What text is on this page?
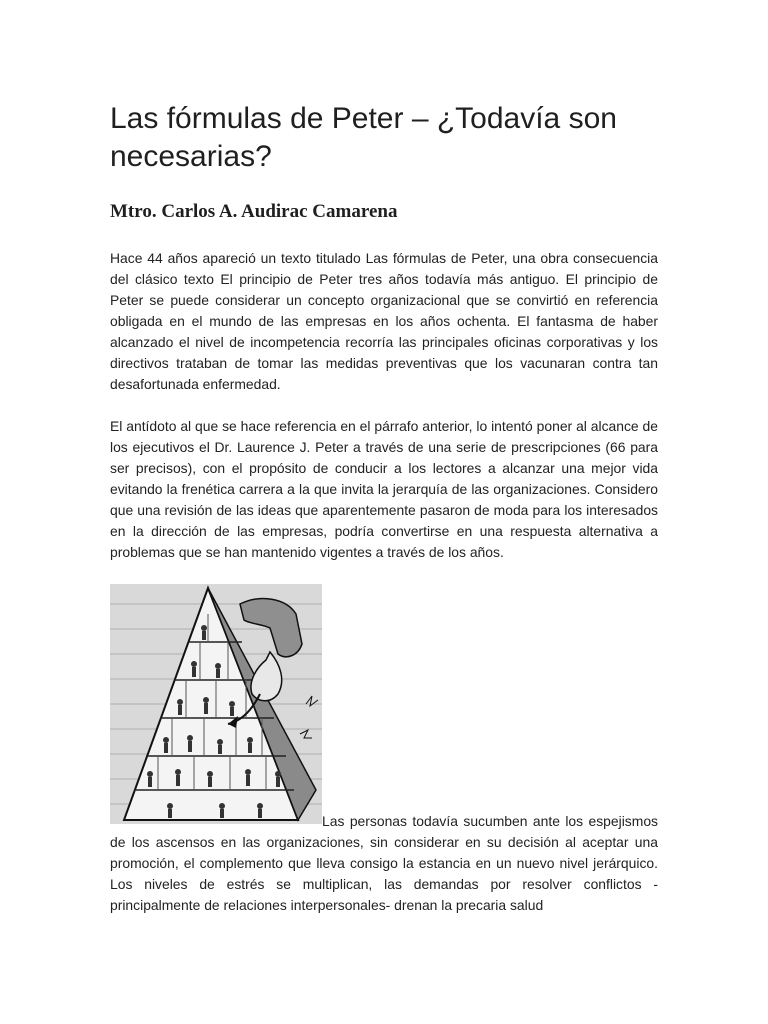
Las fórmulas de Peter – ¿Todavía son necesarias?
Mtro. Carlos A. Audirac Camarena

Hace 44 años apareció un texto titulado Las fórmulas de Peter, una obra consecuencia del clásico texto El principio de Peter tres años todavía más antiguo. El principio de Peter se puede considerar un concepto organizacional que se convirtió en referencia obligada en el mundo de las empresas en los años ochenta. El fantasma de haber alcanzado el nivel de incompetencia recorría las principales oficinas corporativas y los directivos trataban de tomar las medidas preventivas que los vacunaran contra tan desafortunada enfermedad.

El antídoto al que se hace referencia en el párrafo anterior, lo intentó poner al alcance de los ejecutivos el Dr. Laurence J. Peter a través de una serie de prescripciones (66 para ser precisos), con el propósito de conducir a los lectores a alcanzar una mejor vida evitando la frenética carrera a la que invita la jerarquía de las organizaciones. Considero que una revisión de las ideas que aparentemente pasaron de moda para los interesados en la dirección de las empresas, podría convertirse en una respuesta alternativa a problemas que se han mantenido vigentes a través de los años.

Las personas todavía sucumben ante los espejismos de los ascensos en las organizaciones, sin considerar en su decisión al aceptar una promoción, el complemento que lleva consigo la estancia en un nuevo nivel jerárquico. Los niveles de estrés se multiplican, las demandas por resolver conflictos -principalmente de relaciones interpersonales- drenan la precaria salud
